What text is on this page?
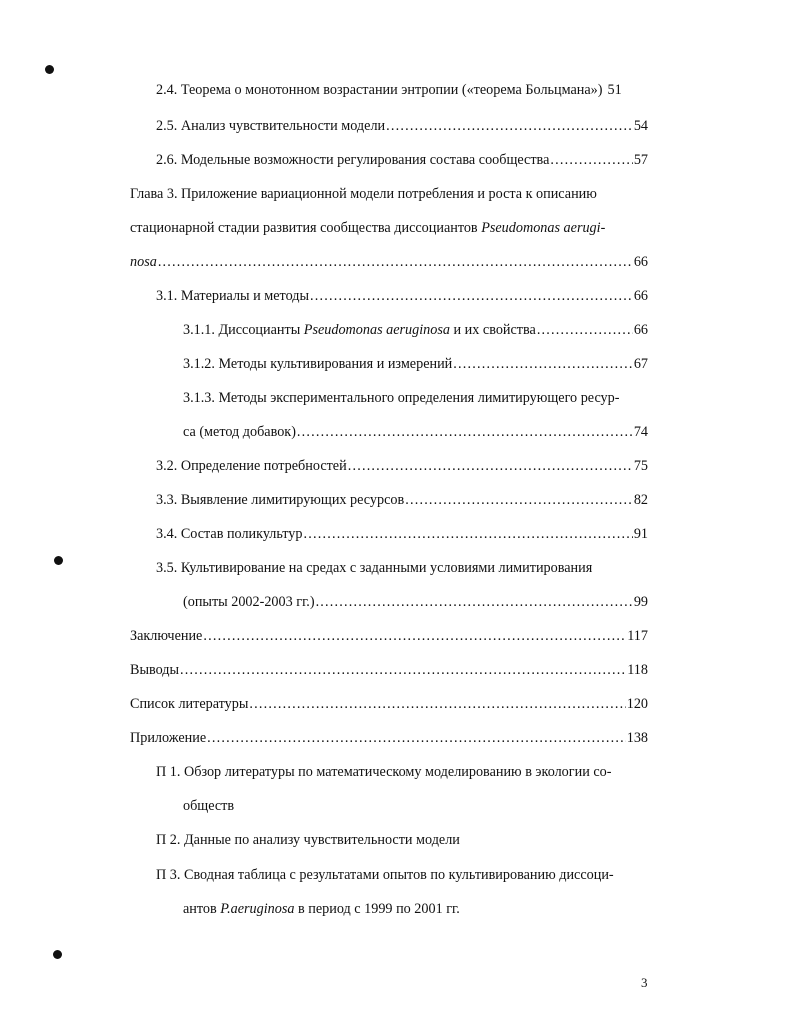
2.4. Теорема о монотонном возрастании энтропии («теорема Больцмана») 51
2.5. Анализ чувствительности модели .....	54
2.6. Модельные возможности регулирования состава сообщества .....	57
Глава 3. Приложение вариационной модели потребления и роста к описанию
стационарной стадии развития сообщества диссоциантов Pseudomonas aerugi-
nosa .....	66
3.1. Материалы и методы .....	66
3.1.1. Диссоцианты Pseudomonas aeruginosa и их свойства .....	66
3.1.2. Методы культивирования и измерений .....	67
3.1.3. Методы экспериментального определения лимитирующего ресур-
са (метод добавок) .....	74
3.2. Определение потребностей .....	75
3.3. Выявление лимитирующих ресурсов .....	82
3.4. Состав поликультур .....	91
3.5. Культивирование на средах с заданными условиями лимитирования
(опыты 2002-2003 гг.) .....	99
Заключение .....	117
Выводы .....	118
Список литературы .....	120
Приложение .....	138
П 1. Обзор литературы по математическому моделированию в экологии со-
обществ
П 2. Данные по анализу чувствительности модели
П 3. Сводная таблица с результатами опытов по культивированию диссоци-
антов P.aeruginosa в период с 1999 по 2001 гг.
3
